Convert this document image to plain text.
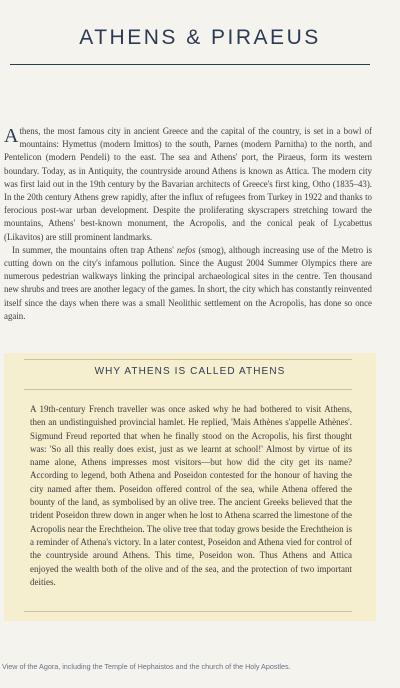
ATHENS & PIRAEUS

Athens, the most famous city in ancient Greece and the capital of the country, is set in a bowl of mountains: Hymettus (modern Imittos) to the south, Parnes (modern Parnitha) to the north, and Pentelicon (modern Pendeli) to the east. The sea and Athens' port, the Piraeus, form its western boundary. Today, as in Antiquity, the countryside around Athens is known as Attica. The modern city was first laid out in the 19th century by the Bavarian architects of Greece's first king, Otho (1835–43). In the 20th century Athens grew rapidly, after the influx of refugees from Turkey in 1922 and thanks to ferocious post-war urban development. Despite the proliferating skyscrapers stretching toward the mountains, Athens' best-known monument, the Acropolis, and the conical peak of Lycabettus (Likavitos) are still prominent landmarks.

In summer, the mountains often trap Athens' nefos (smog), although increasing use of the Metro is cutting down on the city's infamous pollution. Since the August 2004 Summer Olympics there are numerous pedestrian walkways linking the principal archaeological sites in the centre. Ten thousand new shrubs and trees are another legacy of the games. In short, the city which has constantly reinvented itself since the days when there was a small Neolithic settlement on the Acropolis, has done so once again.

WHY ATHENS IS CALLED ATHENS

A 19th-century French traveller was once asked why he had bothered to visit Athens, then an undistinguished provincial hamlet. He replied, 'Mais Athènes s'appelle Athènes'. Sigmund Freud reported that when he finally stood on the Acropolis, his first thought was: 'So all this really does exist, just as we learnt at school!' Almost by virtue of its name alone, Athens impresses most visitors—but how did the city get its name? According to legend, both Athena and Poseidon contested for the honour of having the city named after them. Poseidon offered control of the sea, while Athena offered the bounty of the land, as symbolised by an olive tree. The ancient Greeks believed that the trident Poseidon threw down in anger when he lost to Athena scarred the limestone of the Acropolis near the Erechtheion. The olive tree that today grows beside the Erechtheion is a reminder of Athena's victory. In a later contest, Poseidon and Athena vied for control of the countryside around Athens. This time, Poseidon won. Thus Athens and Attica enjoyed the wealth both of the olive and of the sea, and the protection of two important deities.

View of the Agora, including the Temple of Hephaistos and the church of the Holy Apostles.
